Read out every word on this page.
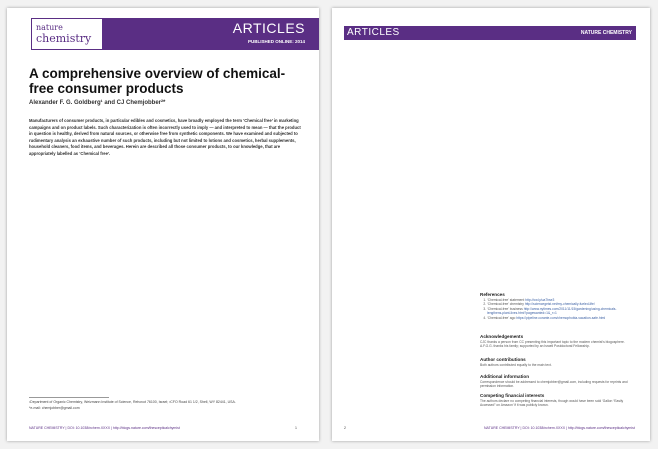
nature
chemistry
ARTICLES
PUBLISHED ONLINE: 2014
A comprehensive overview of chemical-free consumer products
Alexander F. G. Goldberg¹ and CJ Chemjobber²*
Manufacturers of consumer products, in particular edibles and cosmetics, have broadly employed the term ‘Chemical free’ in marketing campaigns and on product labels. Such characterization is often incorrectly used to imply — and interpreted to mean — that the product in question is healthy, derived from natural sources, or otherwise free from synthetic components. We have examined and subjected to rudimentary analysis an exhaustive number of such products, including but not limited to lotions and cosmetics, herbal supplements, household cleaners, food items, and beverages. Herein are described all those consumer products, to our knowledge, that are appropriately labelled as ‘Chemical free’.
¹Department of Organic Chemistry, Weizmann Institute of Science, Rehovot 76100, Israel; ²CFO Road 61 1/2, Shell, WY 82441, USA.
*e-mail: chemjobber@gmail.com
NATURE CHEMISTRY | DOI: 10.1038/nchem.XXXX | http://blogs.nature.com/thescepticalchymist	1
ARTICLES	NATURE CHEMISTRY
References
1. ‘Chemical-free’ statement http://ow.ly/ua7hse3
2. ‘Chemical-free’ chemistry http://sciencegeist.net/my-chemically-fueled-life/
3. ‘Chemical-free’ business http://www.nytimes.com/2011/11/15/gardening/using-chemicals-lengthens-plant-lives.html?pagewanted=1&_r=1
4. ‘Chemical-free’ ago https://pipeline.corante.com/chemophobia-vacation-safe.html
Acknowledgements
CJC thanks a person from CC presenting this important topic to the modern chemist’s blogosphere. A.F.G.G. thanks his family; supported by an Israeli Postdoctoral Fellowship.
Author contributions
Both authors contributed equally to the main text.
Additional information
Correspondence should be addressed to chemjobber@gmail.com, including requests for reprints and permission information.
Competing financial interests
The authors declare no competing financial interests, though would have been sold ‘Gallon “Easily Accessed” on Amazon’ if it was publicly known.
2	NATURE CHEMISTRY | DOI: 10.1038/nchem.XXXX | http://blogs.nature.com/thescepticalchymist
